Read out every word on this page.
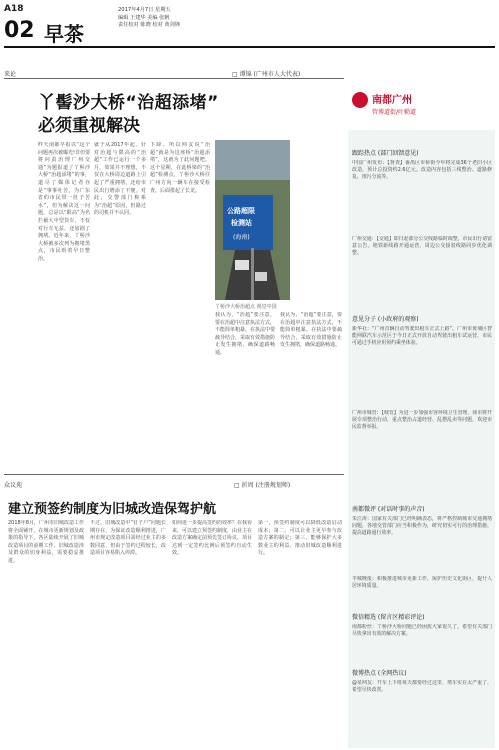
A18
02 早茶
2017年4月7日 星期五
编辑 王建华 美编 张帆
责任校对 陈晓 校对 黄剑锋
来论	□ 谭锦 (广州市人大代表)
丫髻沙大桥“治超添堵”
必须重视解决
昨天南都早报以“这个问题再次被曝光!非但要将问责治理广州交通”为题报道了丫髻沙大桥“治超添堵”的事，道尽了媒体记者亦是“事事吐苦，为广东省的市民带一肚子苦水”，但为解决这一问题，总是以“限高”为名拦截大中型货车，不仅对行车无益，还加剧了拥堵。近年来，丫髻沙大桥被多次列为拥堵黑点，市民盼着早日整治。
就于从2017年起，针对治超与限高的“治超”工作已运行一个多月，效果并不理想，不仅在大桥周边道路上引起了严重拥堵，还给市民出行增添了不便。对此，交警部门称系为“治超”原因，但路过的司机并不认同。
下降。所以网友说“治超”就是为这座桥“治超添堵”，这就为了此问题吧。这个星期，在此桥梁的“治超”检测点，丫髻沙大桥往广州方向一辆车在接受检查，后面排起了长龙。
公路超限
检测站
(海南)
丫髻沙大桥治超点 视觉中国
我认为，“治超”要注意，要在治超中注意执法方式，不能简单粗暴。在执法中要疏导结合，采取有效措施防止发生拥堵，确保道路畅通。
我认为，“治超”要注意，要在治超中注意执法方式，不能简单粗暴。在执法中要疏导结合，采取有效措施防止发生拥堵，确保道路畅通。
众议苑	□ 折周 (注册规划师)
建立预签约制度为旧城改造保驾护航
2018年8月，广州市旧城改造工作将全面铺开，在城市更新规划及政策的指导下，各区陆续开展了旧城改造项目的前期工作。旧城改造涉及群众的切身利益，需要稳妥推进。
不过，旧城改造中“钉子户”问题长期存在，为保证改造顺利推进，广州市规定改造项目需经过业主的多数同意，但由于签约过程较长，改造项目容易陷入停滞。
如何进一步提高签约的效率？在我看来，可以建立预签约制度，由业主在改造方案确定前预先签订协议，项目达到一定签约比例后预签约自动生效。
第一，预签约制度可以降低改造启动成本；第二，可以让业主更早参与改造方案的制定；第三，能够保护大多数业主的利益，推动旧城改造顺利进行。
南都广州
管博道街/叶勤道
跟踪热点 (部门回馈意见)
中国广州发布：【督查】番禺区市桥街今年将完成36个老旧小区改造，预计总投资约2.6亿元。改造内容包括三线整治、道路修复、雨污分流等。
广州交通：【交通】即日起部分公交线路临时调整，市民出行请留意公告。地铁新线路开通运营，周边公交接驳线路同步优化调整。
意见分子 (小政府的观察)
新华社：“广州首辆自动驾驶出租车正式上路”。广州市黄埔区智能网联汽车示范区于今日正式开放自动驾驶出租车试运营，市民可通过手机应用预约乘坐体验。
广州市城管：【城管】为进一步加强市容环境卫生管理，我市将开展专项整治行动，重点整治占道经营、乱摆乱卖等问题，欢迎市民监督举报。
南都微评 (对话时事的声音)
朱江涛：国家有关部门已经明确表态，将严格控制城市交通拥堵问题，各地交管部门应当积极作为，研究切实可行的治理措施，提高道路通行效率。
羊城晚报：积极推进城市更新工作，保护历史文化街区，提升人居环境质量。
微信精选 (留言区精彩评论)
南都粉丝：丫髻沙大桥问题已经困扰大家很久了，希望有关部门尽快拿出有效的解决方案。
微博热点 (全网热议)
@某网友：开车上下班每天都要经过这里，堵车实在太严重了，希望尽快改善。
